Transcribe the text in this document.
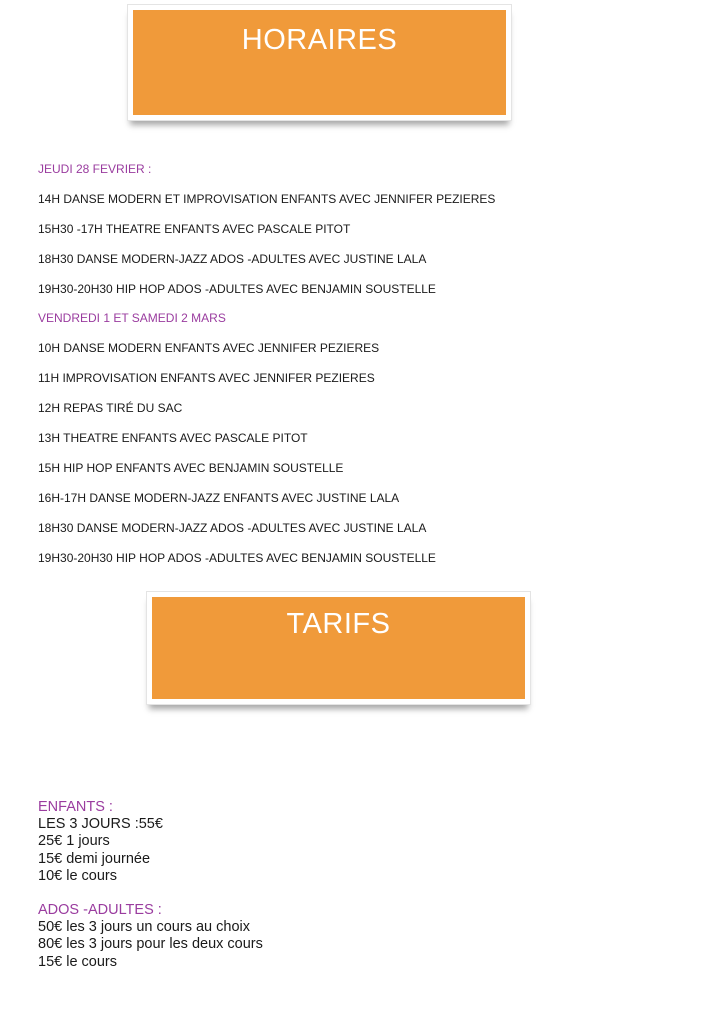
HORAIRES
JEUDI 28 FEVRIER :
14H DANSE MODERN ET IMPROVISATION ENFANTS AVEC JENNIFER PEZIERES
15H30 -17H THEATRE ENFANTS AVEC PASCALE PITOT
18H30 DANSE MODERN-JAZZ ADOS -ADULTES AVEC JUSTINE LALA
19H30-20H30 HIP HOP ADOS -ADULTES AVEC BENJAMIN SOUSTELLE
VENDREDI 1 ET SAMEDI 2 MARS
10H DANSE MODERN ENFANTS AVEC JENNIFER PEZIERES
11H IMPROVISATION ENFANTS AVEC JENNIFER PEZIERES
12H REPAS TIRÉ DU SAC
13H THEATRE ENFANTS AVEC PASCALE PITOT
15H HIP HOP ENFANTS AVEC BENJAMIN SOUSTELLE
16H-17H DANSE MODERN-JAZZ ENFANTS AVEC JUSTINE LALA
18H30 DANSE MODERN-JAZZ ADOS -ADULTES AVEC JUSTINE LALA
19H30-20H30 HIP HOP ADOS -ADULTES AVEC BENJAMIN SOUSTELLE
TARIFS
ENFANTS :
LES 3 JOURS :55€
25€ 1 jours
15€ demi journée
10€ le cours
ADOS -ADULTES :
50€ les 3 jours un cours au choix
80€ les 3 jours pour les deux cours
15€ le cours
